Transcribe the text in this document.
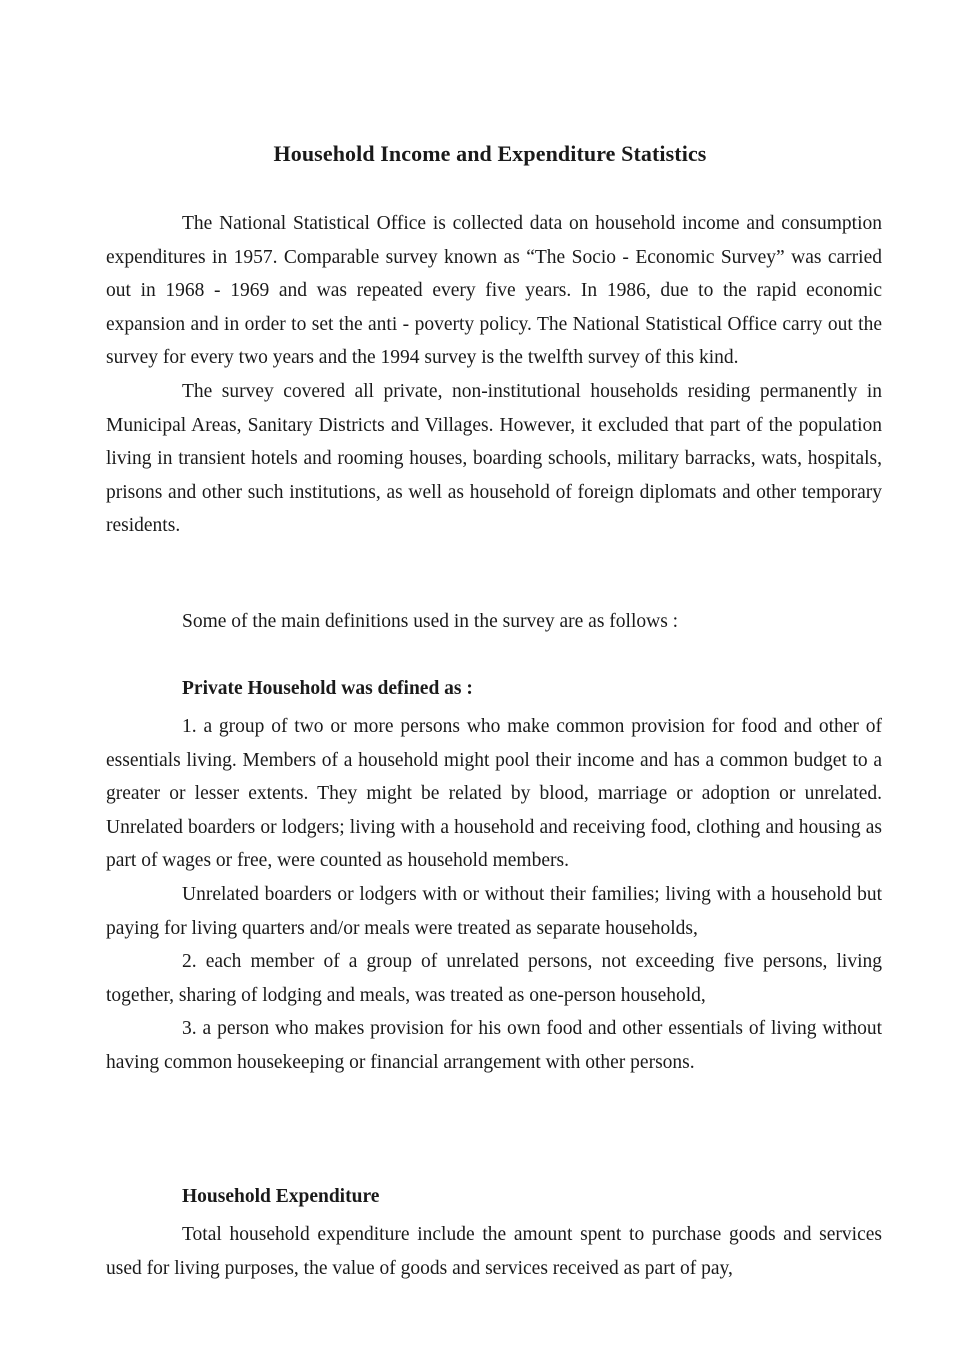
Household Income and Expenditure Statistics

The National Statistical Office is collected data on household income and consumption expenditures in 1957. Comparable survey known as “The Socio - Economic Survey” was carried out in 1968 - 1969 and was repeated every five years. In 1986, due to the rapid economic expansion and in order to set the anti - poverty policy. The National Statistical Office carry out the survey for every two years and the 1994 survey is the twelfth survey of this kind.

The survey covered all private, non-institutional households residing permanently in Municipal Areas, Sanitary Districts and Villages. However, it excluded that part of the population living in transient hotels and rooming houses, boarding schools, military barracks, wats, hospitals, prisons and other such institutions, as well as household of foreign diplomats and other temporary residents.

Some of the main definitions used in the survey are as follows :
Private Household was defined as :

1. a group of two or more persons who make common provision for food and other of essentials living. Members of a household might pool their income and has a common budget to a greater or lesser extents. They might be related by blood, marriage or adoption or unrelated. Unrelated boarders or lodgers; living with a household and receiving food, clothing and housing as part of wages or free, were counted as household members.

Unrelated boarders or lodgers with or without their families; living with a household but paying for living quarters and/or meals were treated as separate households,

2. each member of a group of unrelated persons, not exceeding five persons, living together, sharing of lodging and meals, was treated as one-person household,

3. a person who makes provision for his own food and other essentials of living without having common housekeeping or financial arrangement with other persons.

Household Expenditure

Total household expenditure include the amount spent to purchase goods and services used for living purposes, the value of goods and services received as part of pay,
